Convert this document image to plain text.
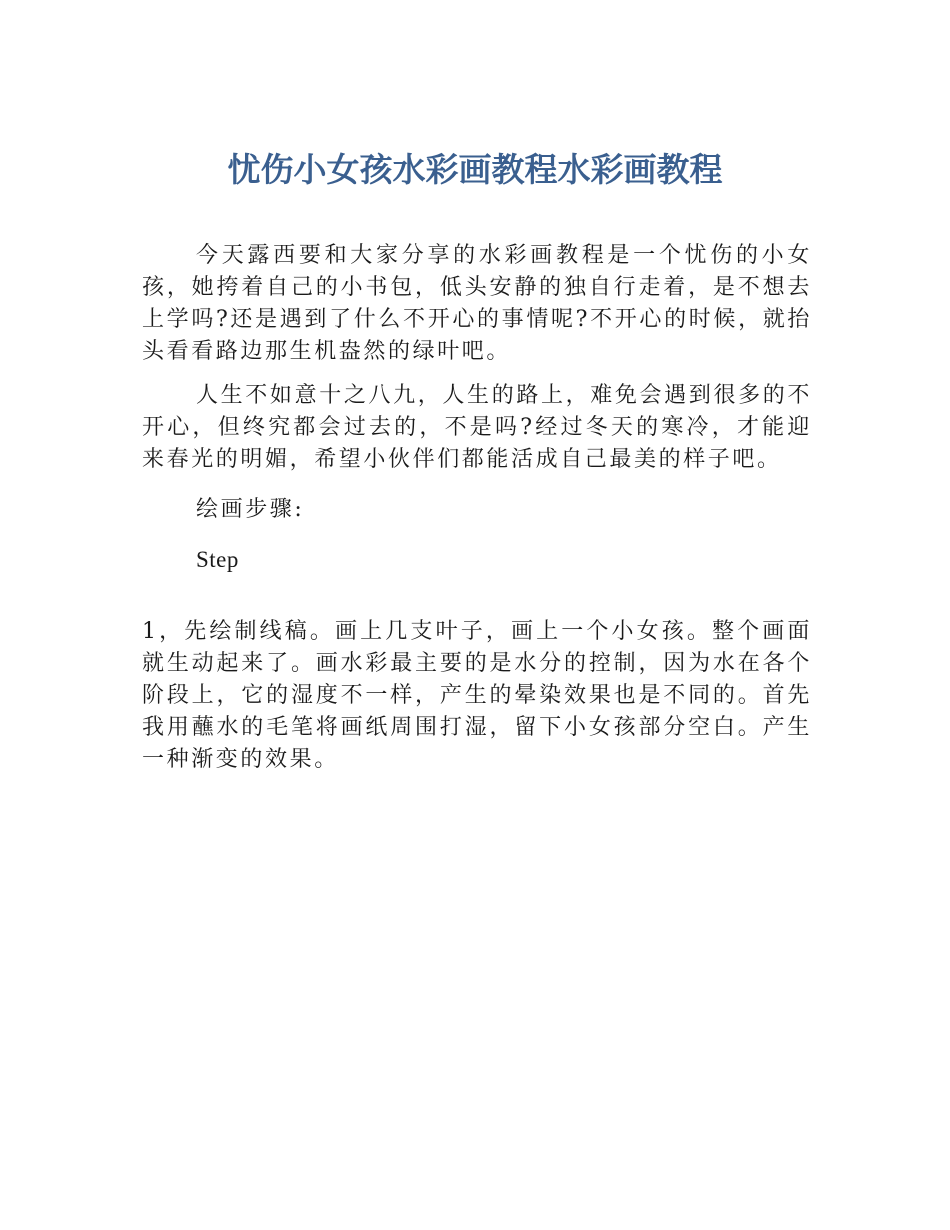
忧伤小女孩水彩画教程水彩画教程

今天露西要和大家分享的水彩画教程是一个忧伤的小女孩，她挎着自己的小书包，低头安静的独自行走着，是不想去上学吗?还是遇到了什么不开心的事情呢?不开心的时候，就抬头看看路边那生机盎然的绿叶吧。

人生不如意十之八九，人生的路上，难免会遇到很多的不开心，但终究都会过去的，不是吗?经过冬天的寒冷，才能迎来春光的明媚，希望小伙伴们都能活成自己最美的样子吧。

绘画步骤:

Step

1，先绘制线稿。画上几支叶子，画上一个小女孩。整个画面就生动起来了。画水彩最主要的是水分的控制，因为水在各个阶段上，它的湿度不一样，产生的晕染效果也是不同的。首先我用蘸水的毛笔将画纸周围打湿，留下小女孩部分空白。产生一种渐变的效果。
